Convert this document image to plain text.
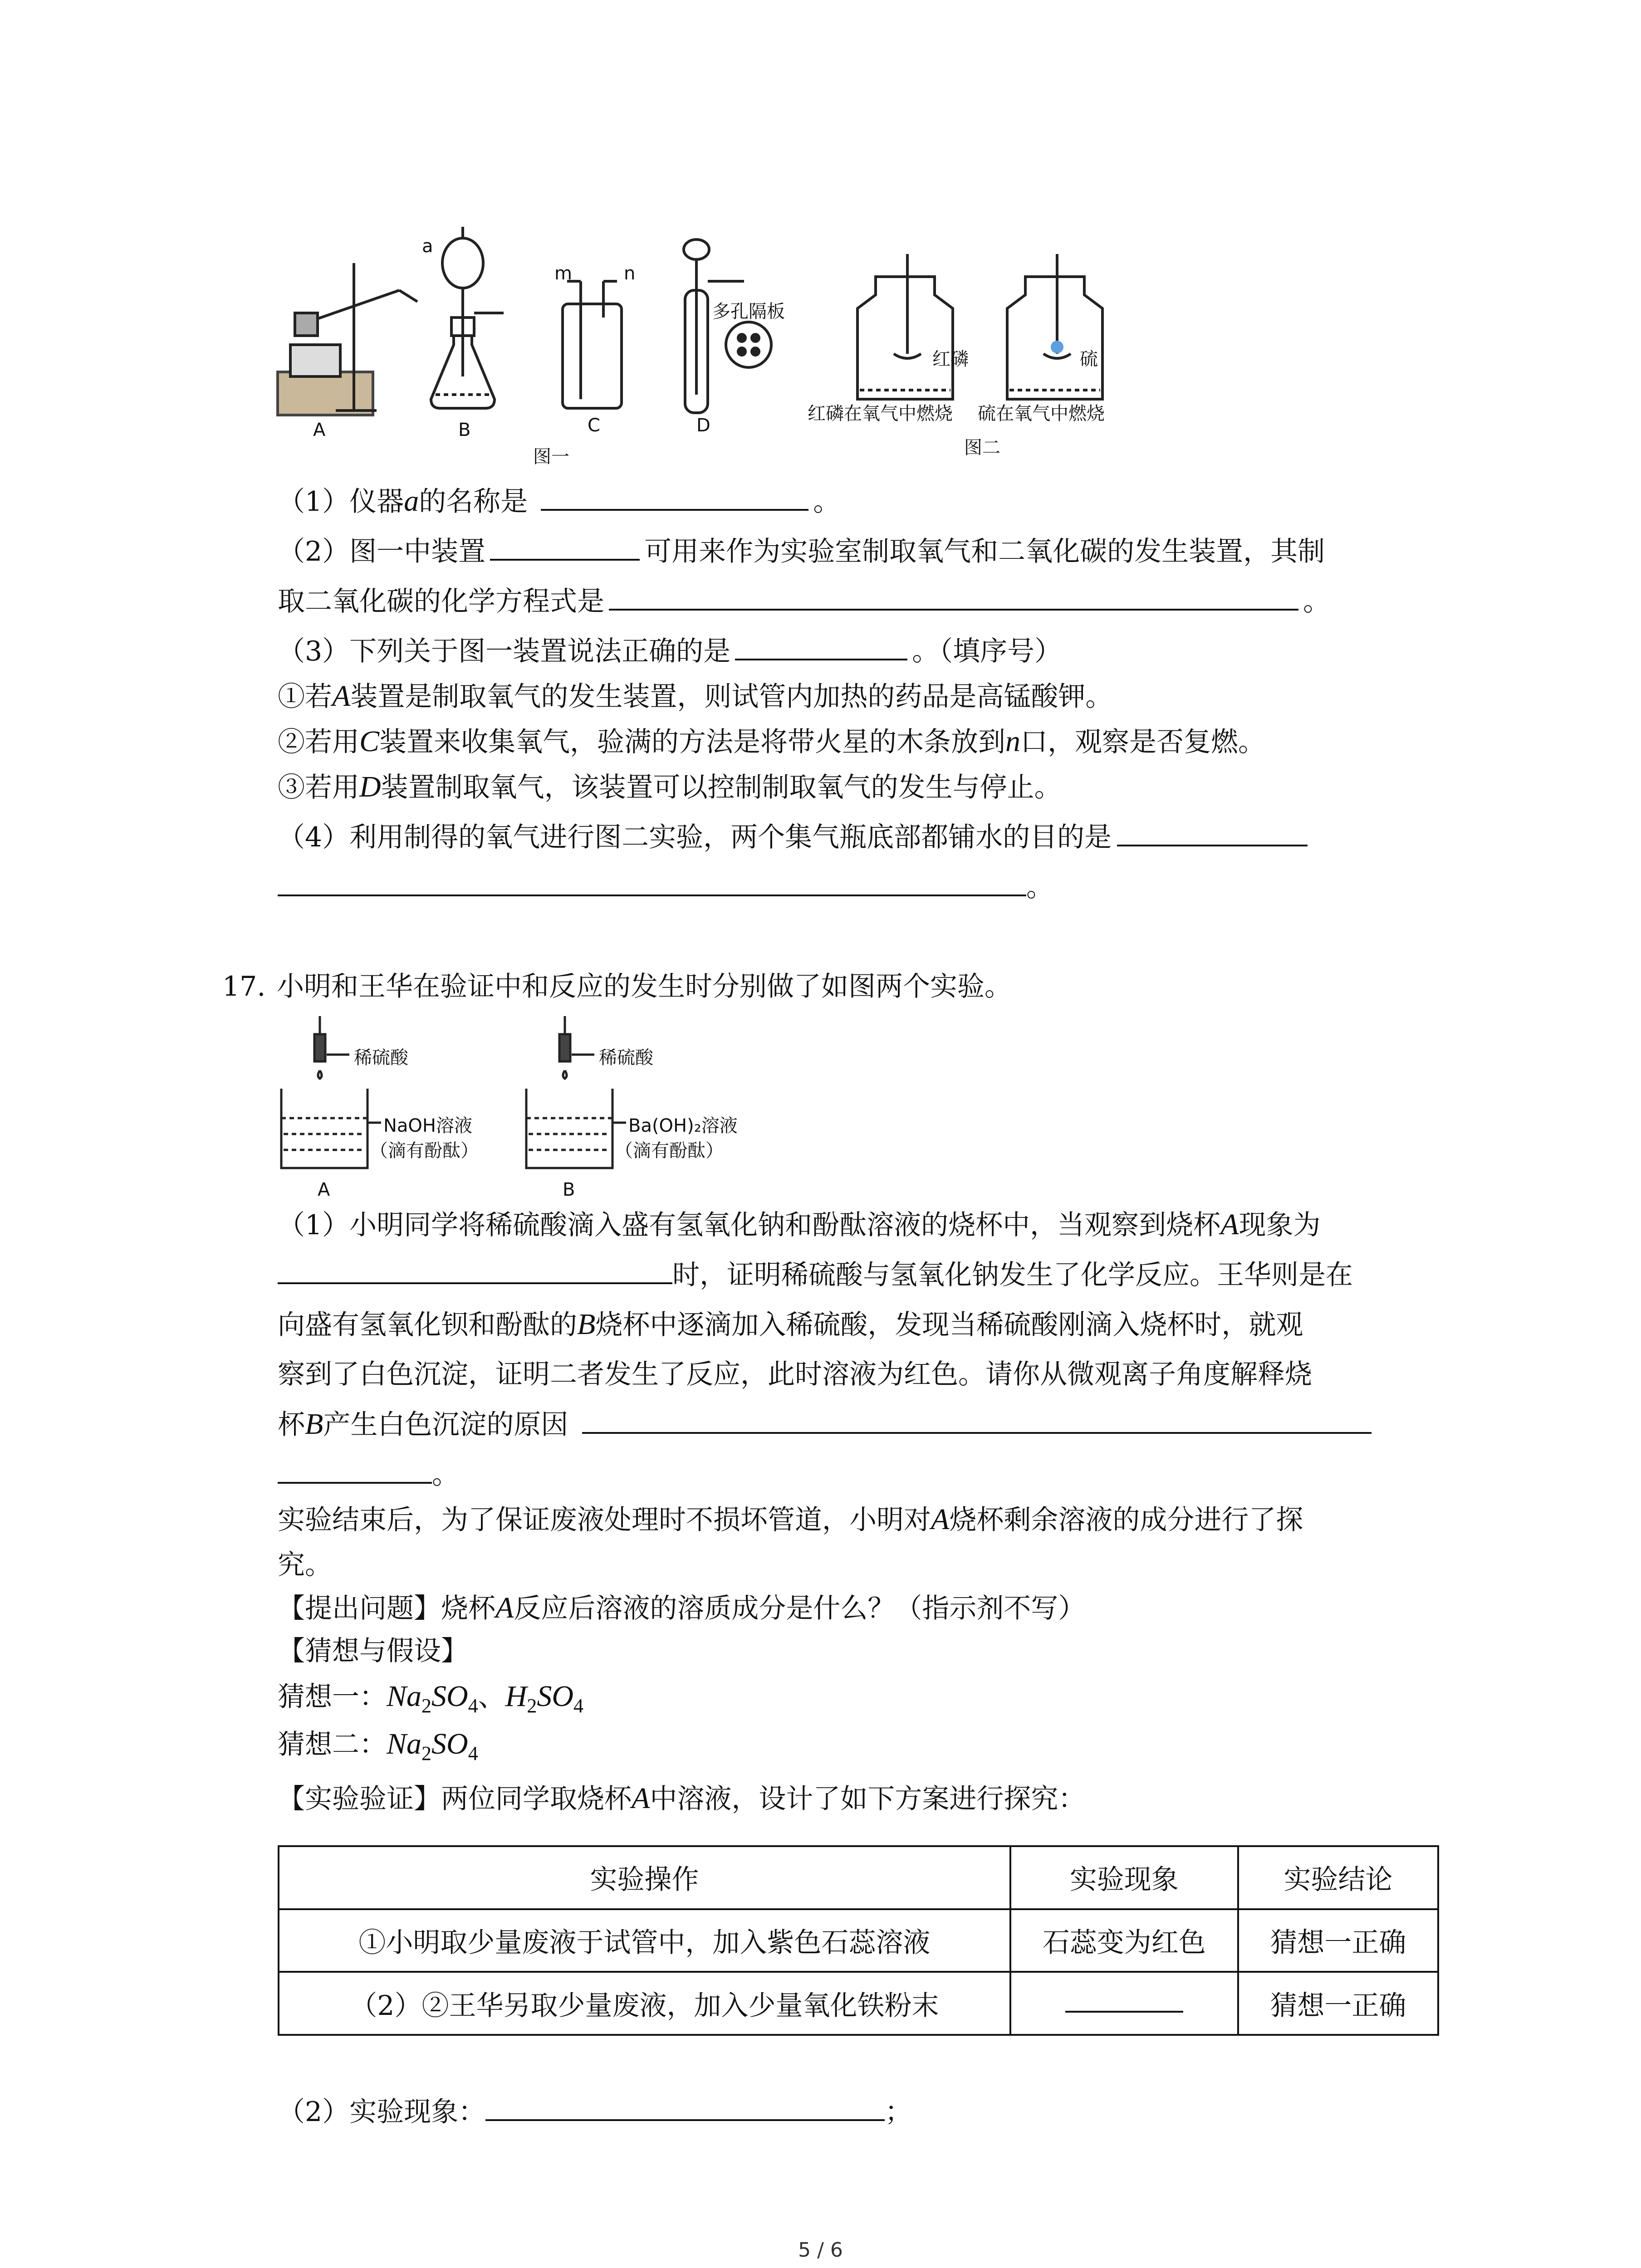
A	B	C	D
a
m	n
多孔隔板
图一
红磷	硫
红磷在氧气中燃烧 硫在氧气中燃烧
图二
（1）仪器a的名称是	。
（2）图一中装置	可用来作为实验室制取氧气和二氧化碳的发生装置，其制
取二氧化碳的化学方程式是	。
（3）下列关于图一装置说法正确的是	。（填序号）
①若A装置是制取氧气的发生装置，则试管内加热的药品是高锰酸钾。
②若用C装置来收集氧气，验满的方法是将带火星的木条放到n口，观察是否复燃。
③若用D装置制取氧气，该装置可以控制制取氧气的发生与停止。
（4）利用制得的氧气进行图二实验，两个集气瓶底部都铺水的目的是
。
17. 小明和王华在验证中和反应的发生时分别做了如图两个实验。
稀硫酸
NaOH溶液
（滴有酚酞）
A
稀硫酸
Ba(OH)₂溶液
（滴有酚酞）
B
（1）小明同学将稀硫酸滴入盛有氢氧化钠和酚酞溶液的烧杯中，当观察到烧杯A现象为
时，证明稀硫酸与氢氧化钠发生了化学反应。王华则是在
向盛有氢氧化钡和酚酞的B烧杯中逐滴加入稀硫酸，发现当稀硫酸刚滴入烧杯时，就观
察到了白色沉淀，证明二者发生了反应，此时溶液为红色。请你从微观离子角度解释烧
杯B产生白色沉淀的原因
。
实验结束后，为了保证废液处理时不损坏管道，小明对A烧杯剩余溶液的成分进行了探
究。
【提出问题】烧杯A反应后溶液的溶质成分是什么？（指示剂不写）
【猜想与假设】
猜想一：$Na_2SO_4$、$H_2SO_4$
猜想二：$Na_2SO_4$
【实验验证】两位同学取烧杯A中溶液，设计了如下方案进行探究：
实验操作	实验现象	实验结论
①小明取少量废液于试管中，加入紫色石蕊溶液	石蕊变为红色	猜想一正确
（2）②王华另取少量废液，加入少量氧化铁粉末		猜想一正确
（2）实验现象：	；
5 / 6
